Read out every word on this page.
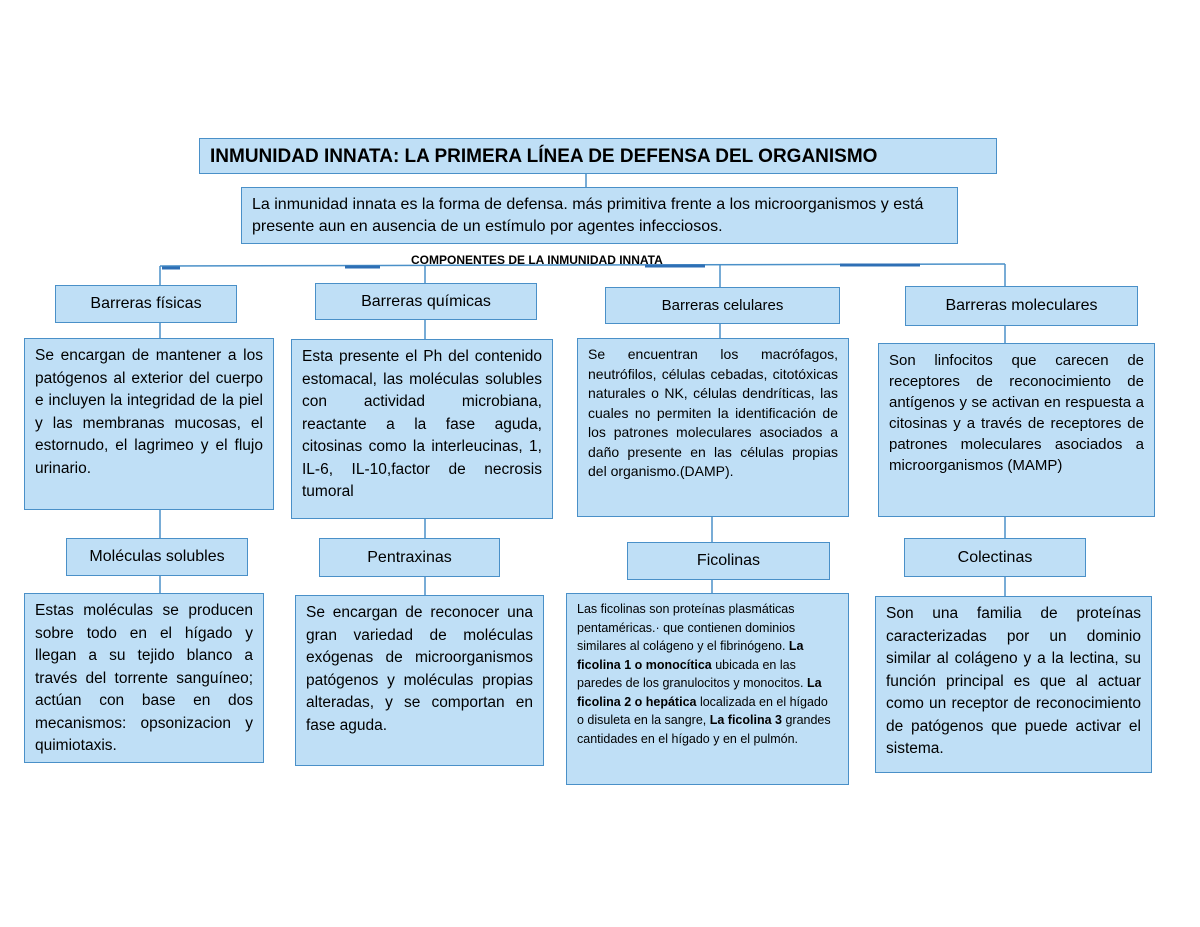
INMUNIDAD INNATA: LA PRIMERA LÍNEA DE DEFENSA DEL ORGANISMO
La inmunidad innata es la forma de defensa. más primitiva frente a los microorganismos y está presente aun en ausencia de un estímulo por agentes infecciosos.
COMPONENTES DE LA INMUNIDAD INNATA
Barreras físicas
Se encargan de mantener a los patógenos al exterior del cuerpo e incluyen la integridad de la piel y las membranas mucosas, el estornudo, el lagrimeo y el flujo urinario.
Moléculas solubles
Estas moléculas se producen sobre todo en el hígado y llegan a su tejido blanco a través del torrente sanguíneo; actúan con base en dos mecanismos: opsonizacion y quimiotaxis.
Barreras químicas
Esta presente el Ph del contenido estomacal, las moléculas solubles con actividad microbiana, reactante a la fase aguda, citosinas como la interleucinas, 1, IL-6, IL-10,factor de necrosis tumoral
Pentraxinas
Se encargan de reconocer una gran variedad de moléculas exógenas de microorganismos patógenos y moléculas propias alteradas, y se comportan en fase aguda.
Barreras celulares
Se encuentran los macrófagos, neutrófilos, células cebadas, citotóxicas naturales o NK, células dendríticas, las cuales no permiten la identificación de los patrones moleculares asociados a daño presente en las células propias del organismo.(DAMP).
Ficolinas
Las ficolinas son proteínas plasmáticas pentaméricas.· que contienen dominios similares al colágeno y el fibrinógeno. La ficolina 1 o monocítica ubicada en las paredes de los granulocitos y monocitos. La ficolina 2 o hepática localizada en el hígado o disuleta en la sangre, La ficolina 3 grandes cantidades en el hígado y en el pulmón.
Barreras moleculares
Son linfocitos que carecen de receptores de reconocimiento de antígenos y se activan en respuesta a citosinas y a través de receptores de patrones moleculares asociados a microorganismos (MAMP)
Colectinas
Son una familia de proteínas caracterizadas por un dominio similar al colágeno y a la lectina, su función principal es que al actuar como un receptor de reconocimiento de patógenos que puede activar el sistema.
